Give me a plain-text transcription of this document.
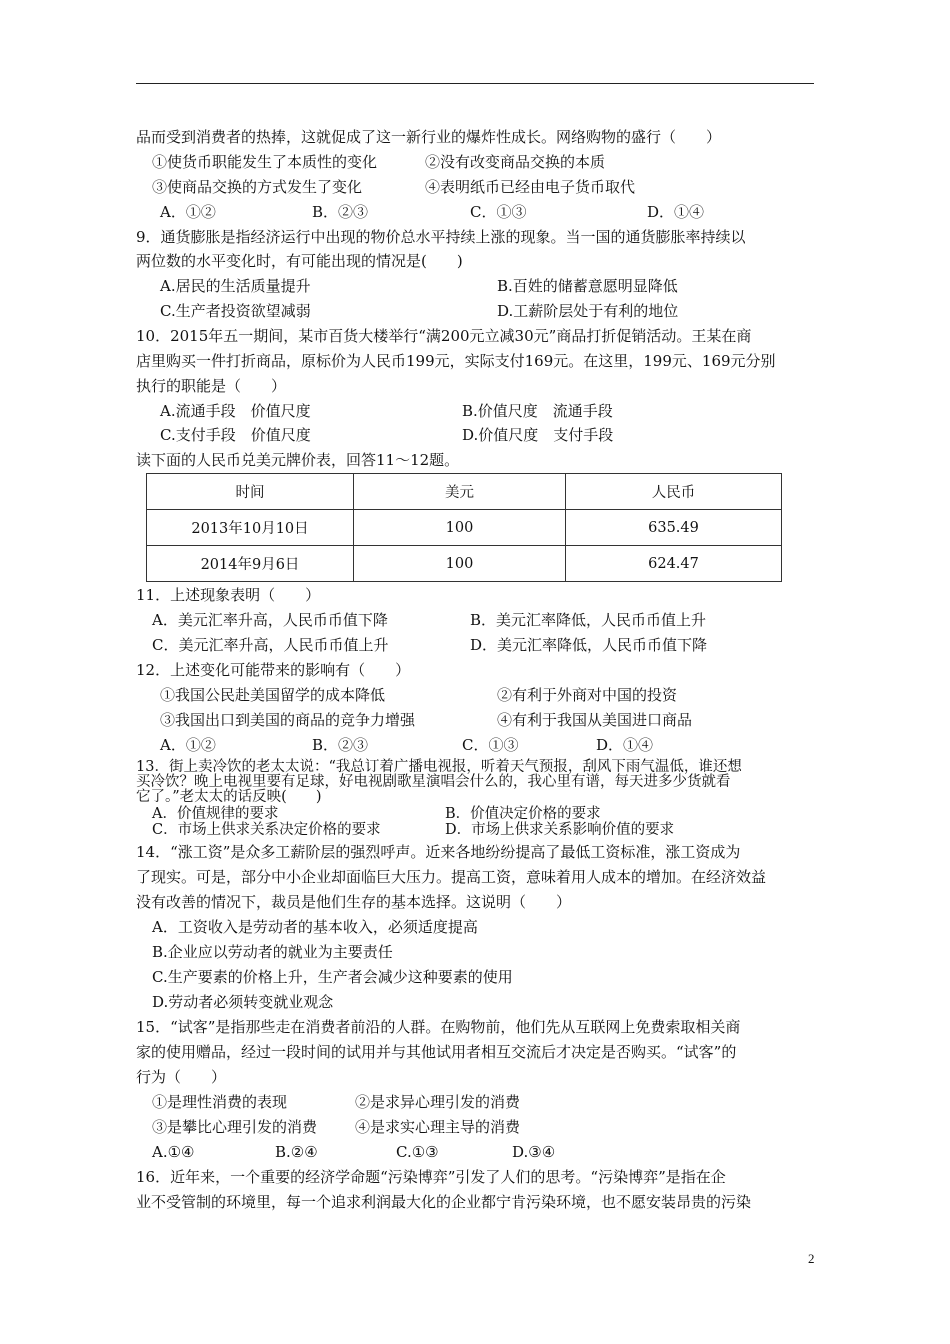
品而受到消费者的热捧，这就促成了这一新行业的爆炸性成长。网络购物的盛行（　　）
①使货币职能发生了本质性的变化	②没有改变商品交换的本质
③使商品交换的方式发生了变化	④表明纸币已经由电子货币取代
A．①②	B．②③	C．①③	D．①④
9．通货膨胀是指经济运行中出现的物价总水平持续上涨的现象。当一国的通货膨胀率持续以
两位数的水平变化时，有可能出现的情况是(　　)
A.居民的生活质量提升	B.百姓的储蓄意愿明显降低
C.生产者投资欲望减弱	D.工薪阶层处于有利的地位
10．2015年五一期间，某市百货大楼举行“满200元立减30元”商品打折促销活动。王某在商
店里购买一件打折商品，原标价为人民币199元，实际支付169元。在这里，199元、169元分别
执行的职能是（　　）
A.流通手段　价值尺度	B.价值尺度　流通手段
C.支付手段　价值尺度	D.价值尺度　支付手段
读下面的人民币兑美元牌价表，回答11～12题。
时间	美元	人民币
2013年10月10日	100	635.49
2014年9月6日	100	624.47
11．上述现象表明（　　）
A．美元汇率升高，人民币币值下降	B．美元汇率降低，人民币币值上升
C．美元汇率升高，人民币币值上升	D．美元汇率降低，人民币币值下降
12．上述变化可能带来的影响有（　　）
①我国公民赴美国留学的成本降低	②有利于外商对中国的投资
③我国出口到美国的商品的竞争力增强	④有利于我国从美国进口商品
A．①②	B．②③	C．①③	D．①④
13．街上卖冷饮的老太太说：“我总订着广播电视报，听着天气预报，刮风下雨气温低，谁还想
买冷饮？晚上电视里要有足球，好电视剧歌星演唱会什么的，我心里有谱，每天进多少货就看
它了。”老太太的话反映(　　)
A．价值规律的要求	B．价值决定价格的要求
C．市场上供求关系决定价格的要求	D．市场上供求关系影响价值的要求
14．“涨工资”是众多工薪阶层的强烈呼声。近来各地纷纷提高了最低工资标准，涨工资成为
了现实。可是，部分中小企业却面临巨大压力。提高工资，意味着用人成本的增加。在经济效益
没有改善的情况下，裁员是他们生存的基本选择。这说明（　　）
A．工资收入是劳动者的基本收入，必须适度提高
B.企业应以劳动者的就业为主要责任
C.生产要素的价格上升，生产者会减少这种要素的使用
D.劳动者必须转变就业观念
15．“试客”是指那些走在消费者前沿的人群。在购物前，他们先从互联网上免费索取相关商
家的使用赠品，经过一段时间的试用并与其他试用者相互交流后才决定是否购买。“试客”的
行为（　　）
①是理性消费的表现	②是求异心理引发的消费
③是攀比心理引发的消费	④是求实心理主导的消费
A.①④	B.②④	C.①③	D.③④
16．近年来，一个重要的经济学命题“污染博弈”引发了人们的思考。“污染博弈”是指在企
业不受管制的环境里，每一个追求利润最大化的企业都宁肯污染环境，也不愿安装昂贵的污染
2
